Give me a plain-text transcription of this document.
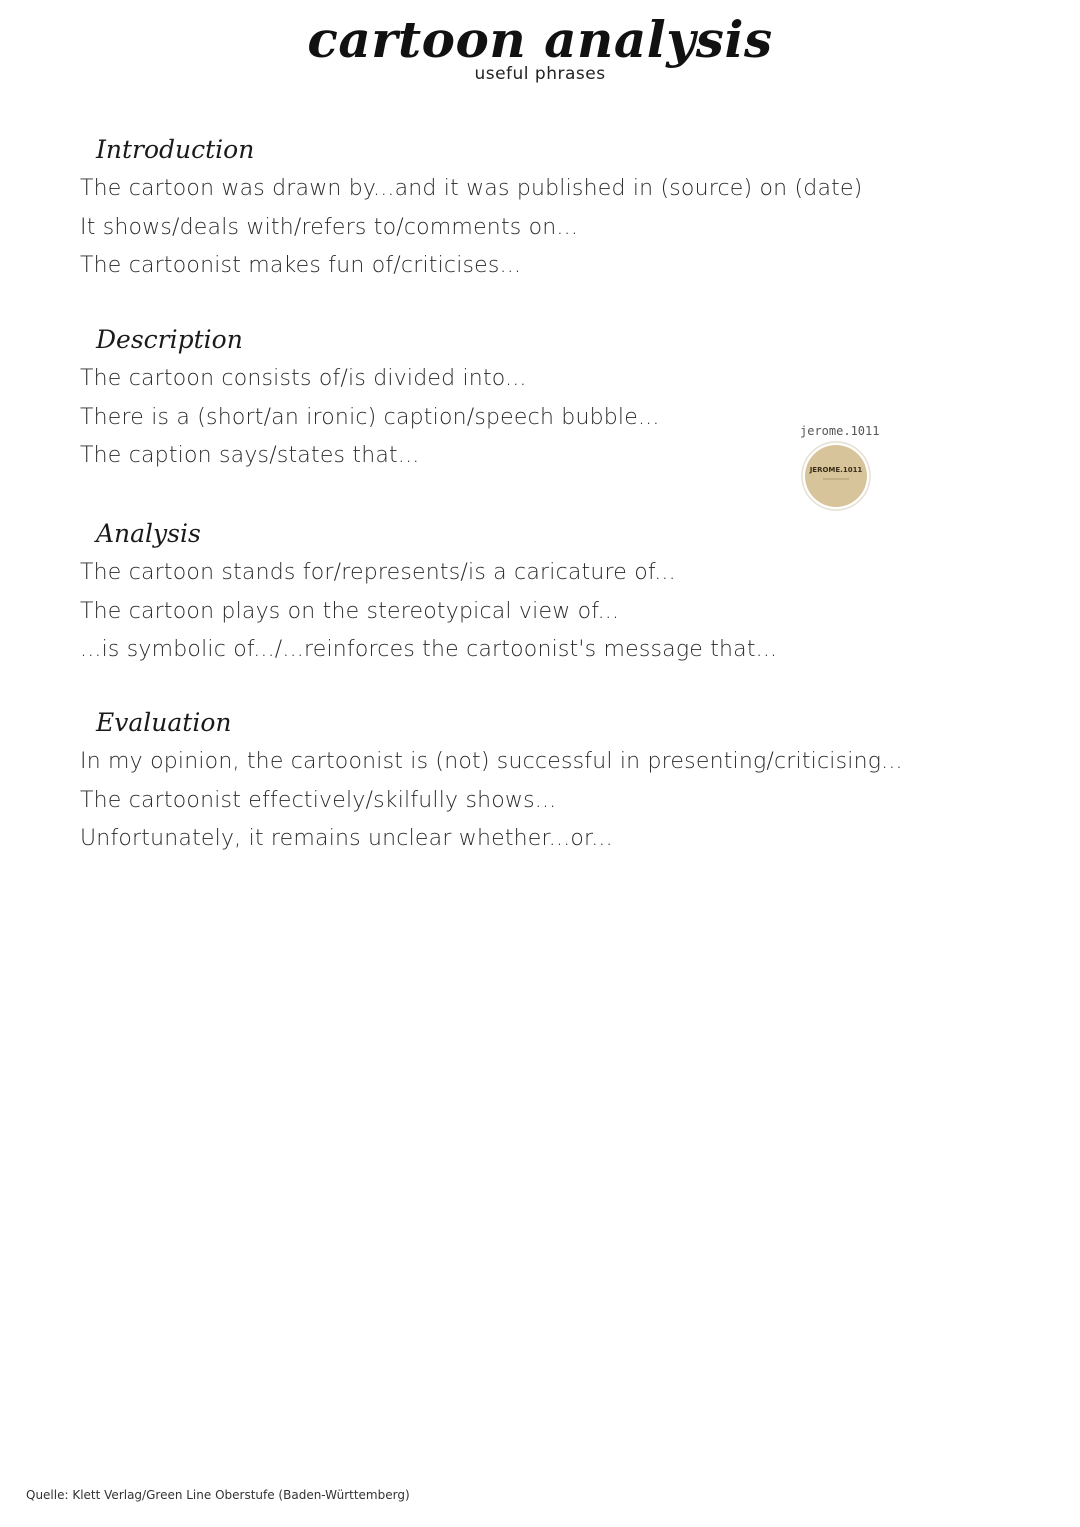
cartoon analysis
useful phrases
Introduction
The cartoon was drawn by...and it was published in (source) on (date)
It shows/deals with/refers to/comments on...
The cartoonist makes fun of/criticises...
Description
The cartoon consists of/is divided into...
There is a (short/an ironic) caption/speech bubble...
The caption says/states that...
Analysis
The cartoon stands for/represents/is a caricature of...
The cartoon plays on the stereotypical view of...
...is symbolic of.../...reinforces the cartoonist's message that...
Evaluation
In my opinion, the cartoonist is (not) successful in presenting/criticising...
The cartoonist effectively/skilfully shows...
Unfortunately, it remains unclear whether...or...
jerome.1011
JEROME.1011
Quelle: Klett Verlag/Green Line Oberstufe (Baden-Württemberg)
